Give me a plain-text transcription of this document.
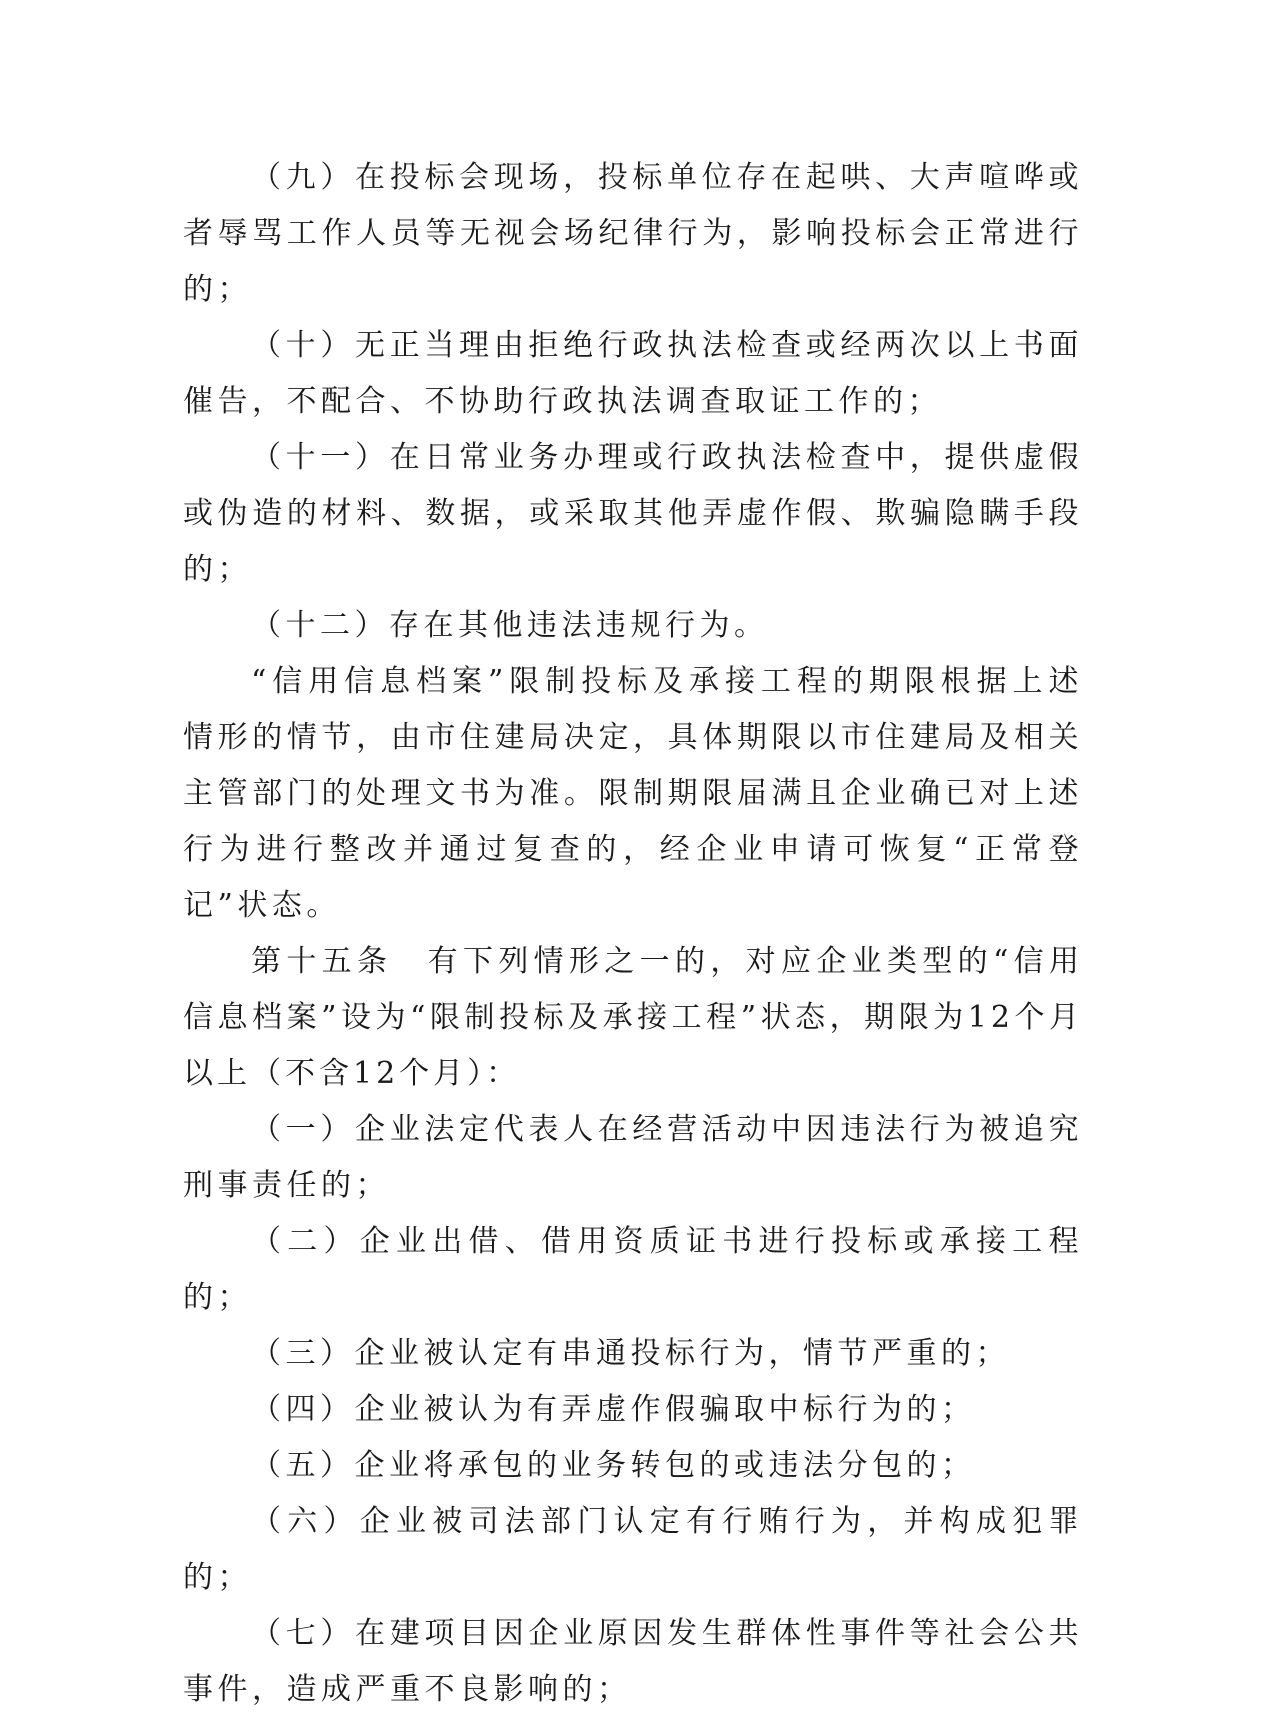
（九）在投标会现场，投标单位存在起哄、大声喧哗或者辱骂工作人员等无视会场纪律行为，影响投标会正常进行的；

（十）无正当理由拒绝行政执法检查或经两次以上书面催告，不配合、不协助行政执法调查取证工作的；

（十一）在日常业务办理或行政执法检查中，提供虚假或伪造的材料、数据，或采取其他弄虚作假、欺骗隐瞒手段的；

（十二）存在其他违法违规行为。

“信用信息档案”限制投标及承接工程的期限根据上述情形的情节，由市住建局决定，具体期限以市住建局及相关主管部门的处理文书为准。限制期限届满且企业确已对上述行为进行整改并通过复查的，经企业申请可恢复“正常登记”状态。

第十五条　有下列情形之一的，对应企业类型的“信用信息档案”设为“限制投标及承接工程”状态，期限为12个月以上（不含12个月）：

（一）企业法定代表人在经营活动中因违法行为被追究刑事责任的；

（二）企业出借、借用资质证书进行投标或承接工程的；

（三）企业被认定有串通投标行为，情节严重的；

（四）企业被认为有弄虚作假骗取中标行为的；

（五）企业将承包的业务转包的或违法分包的；

（六）企业被司法部门认定有行贿行为，并构成犯罪的；

（七）在建项目因企业原因发生群体性事件等社会公共事件，造成严重不良影响的；
